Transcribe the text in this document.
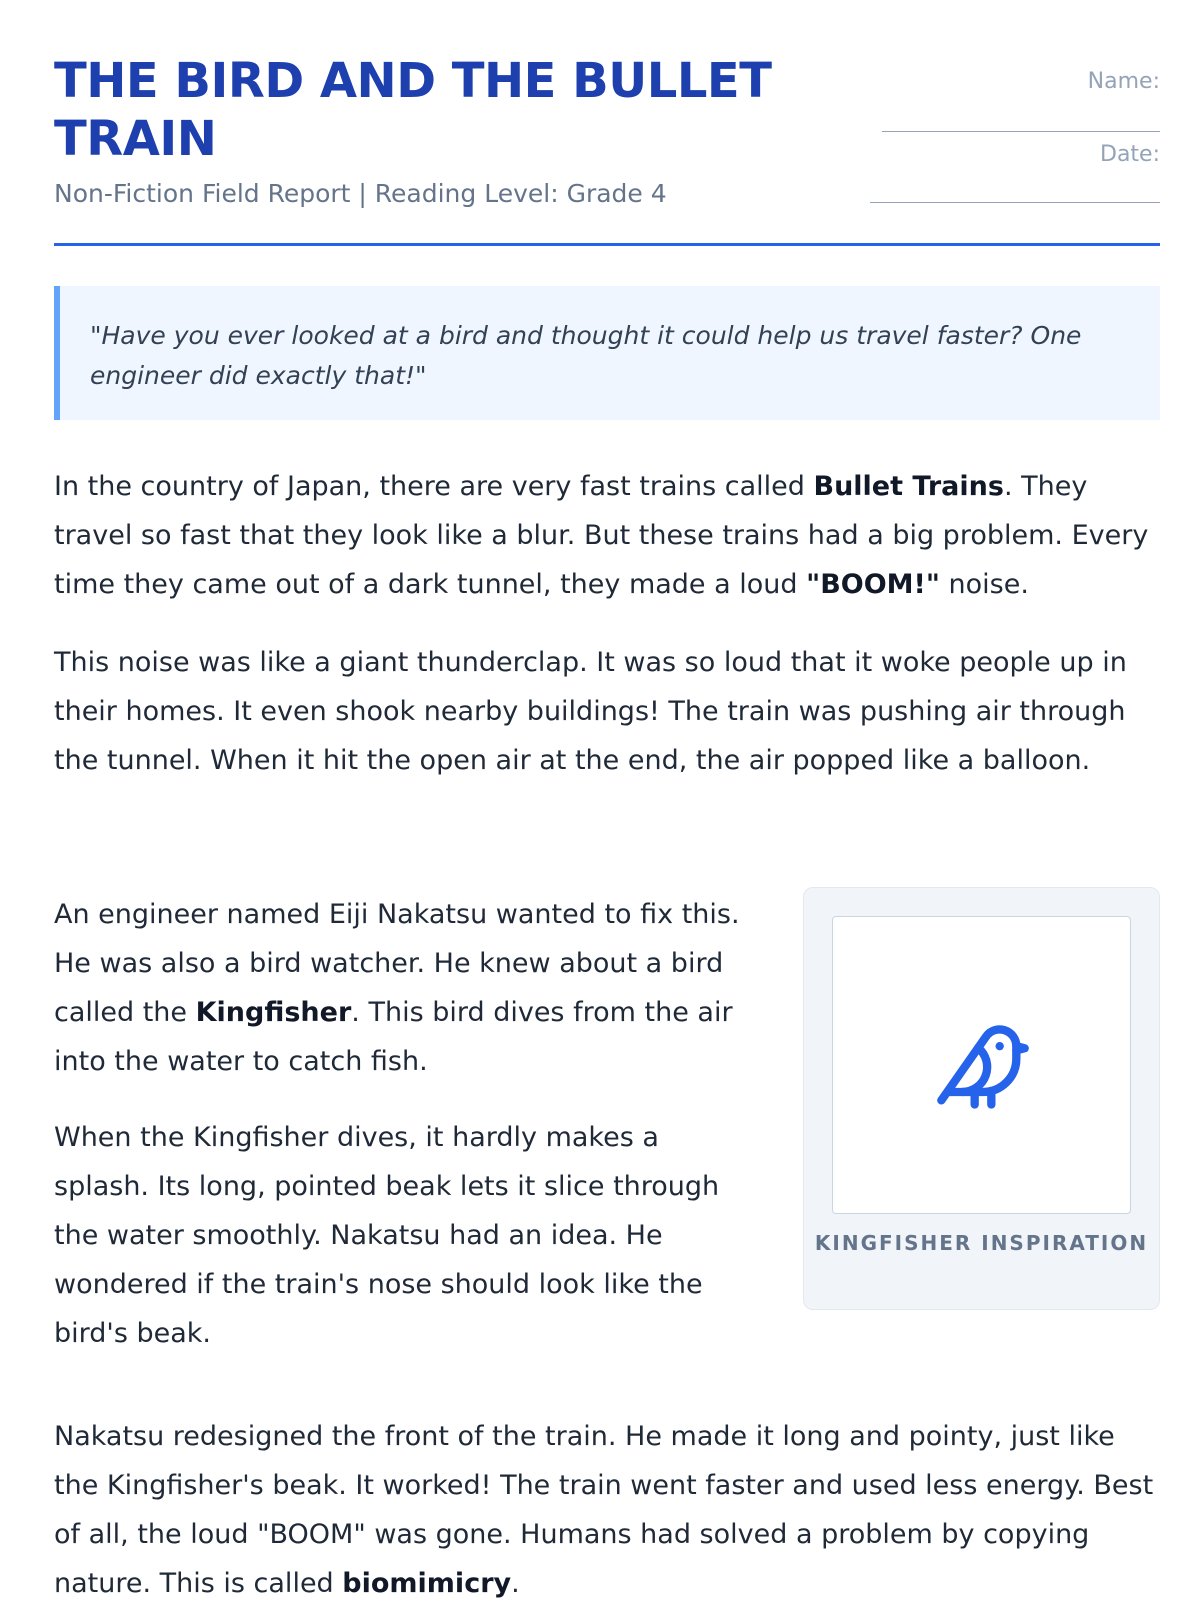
THE BIRD AND THE BULLET TRAIN
Non-Fiction Field Report | Reading Level: Grade 4
Name:
Date:

"Have you ever looked at a bird and thought it could help us travel faster? One engineer did exactly that!"

In the country of Japan, there are very fast trains called Bullet Trains. They travel so fast that they look like a blur. But these trains had a big problem. Every time they came out of a dark tunnel, they made a loud "BOOM!" noise.

This noise was like a giant thunderclap. It was so loud that it woke people up in their homes. It even shook nearby buildings! The train was pushing air through the tunnel. When it hit the open air at the end, the air popped like a balloon.

An engineer named Eiji Nakatsu wanted to fix this. He was also a bird watcher. He knew about a bird called the Kingfisher. This bird dives from the air into the water to catch fish.

When the Kingfisher dives, it hardly makes a splash. Its long, pointed beak lets it slice through the water smoothly. Nakatsu had an idea. He wondered if the train's nose should look like the bird's beak.

KINGFISHER INSPIRATION

Nakatsu redesigned the front of the train. He made it long and pointy, just like the Kingfisher's beak. It worked! The train went faster and used less energy. Best of all, the loud "BOOM" was gone. Humans had solved a problem by copying nature. This is called biomimicry.
